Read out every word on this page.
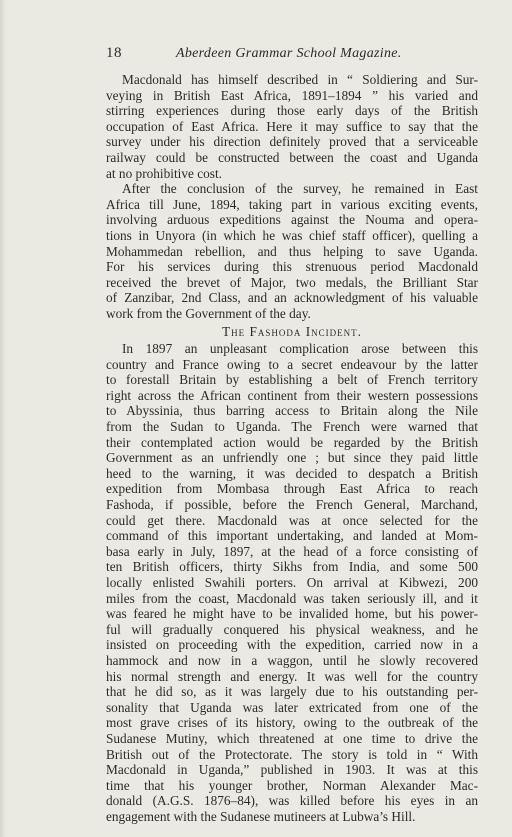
18	Aberdeen Grammar School Magazine.
Macdonald has himself described in “ Soldiering and Sur-
veying in British East Africa, 1891–1894 ” his varied and
stirring experiences during those early days of the British
occupation of East Africa. Here it may suffice to say that the
survey under his direction definitely proved that a serviceable
railway could be constructed between the coast and Uganda
at no prohibitive cost.
After the conclusion of the survey, he remained in East
Africa till June, 1894, taking part in various exciting events,
involving arduous expeditions against the Nouma and opera-
tions in Unyora (in which he was chief staff officer), quelling a
Mohammedan rebellion, and thus helping to save Uganda.
For his services during this strenuous period Macdonald
received the brevet of Major, two medals, the Brilliant Star
of Zanzibar, 2nd Class, and an acknowledgment of his valuable
work from the Government of the day.
The Fashoda Incident.
In 1897 an unpleasant complication arose between this
country and France owing to a secret endeavour by the latter
to forestall Britain by establishing a belt of French territory
right across the African continent from their western possessions
to Abyssinia, thus barring access to Britain along the Nile
from the Sudan to Uganda. The French were warned that
their contemplated action would be regarded by the British
Government as an unfriendly one ; but since they paid little
heed to the warning, it was decided to despatch a British
expedition from Mombasa through East Africa to reach
Fashoda, if possible, before the French General, Marchand,
could get there. Macdonald was at once selected for the
command of this important undertaking, and landed at Mom-
basa early in July, 1897, at the head of a force consisting of
ten British officers, thirty Sikhs from India, and some 500
locally enlisted Swahili porters. On arrival at Kibwezi, 200
miles from the coast, Macdonald was taken seriously ill, and it
was feared he might have to be invalided home, but his power-
ful will gradually conquered his physical weakness, and he
insisted on proceeding with the expedition, carried now in a
hammock and now in a waggon, until he slowly recovered
his normal strength and energy. It was well for the country
that he did so, as it was largely due to his outstanding per-
sonality that Uganda was later extricated from one of the
most grave crises of its history, owing to the outbreak of the
Sudanese Mutiny, which threatened at one time to drive the
British out of the Protectorate. The story is told in “ With
Macdonald in Uganda,” published in 1903. It was at this
time that his younger brother, Norman Alexander Mac-
donald (A.G.S. 1876–84), was killed before his eyes in an
engagement with the Sudanese mutineers at Lubwa’s Hill.
